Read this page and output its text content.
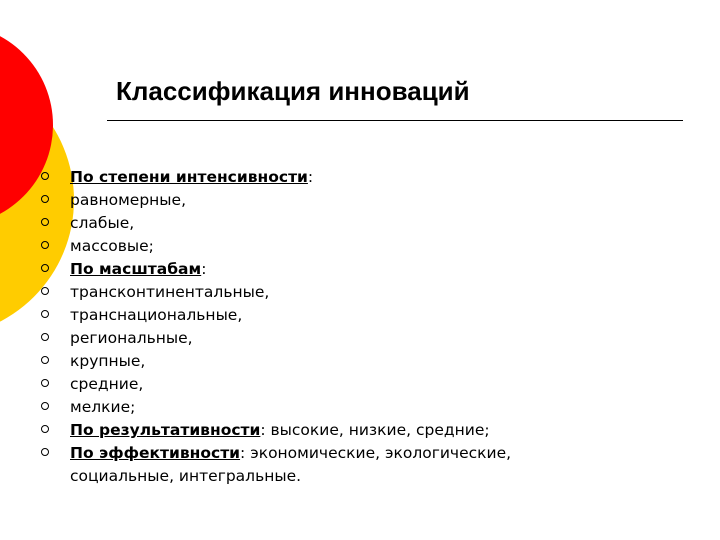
Классификация инноваций
По степени интенсивности:
равномерные,
слабые,
массовые;
По масштабам:
трансконтинентальные,
транснациональные,
региональные,
крупные,
средние,
мелкие;
По результативности: высокие, низкие, средние;
По эффективности: экономические, экологические,
социальные, интегральные.
